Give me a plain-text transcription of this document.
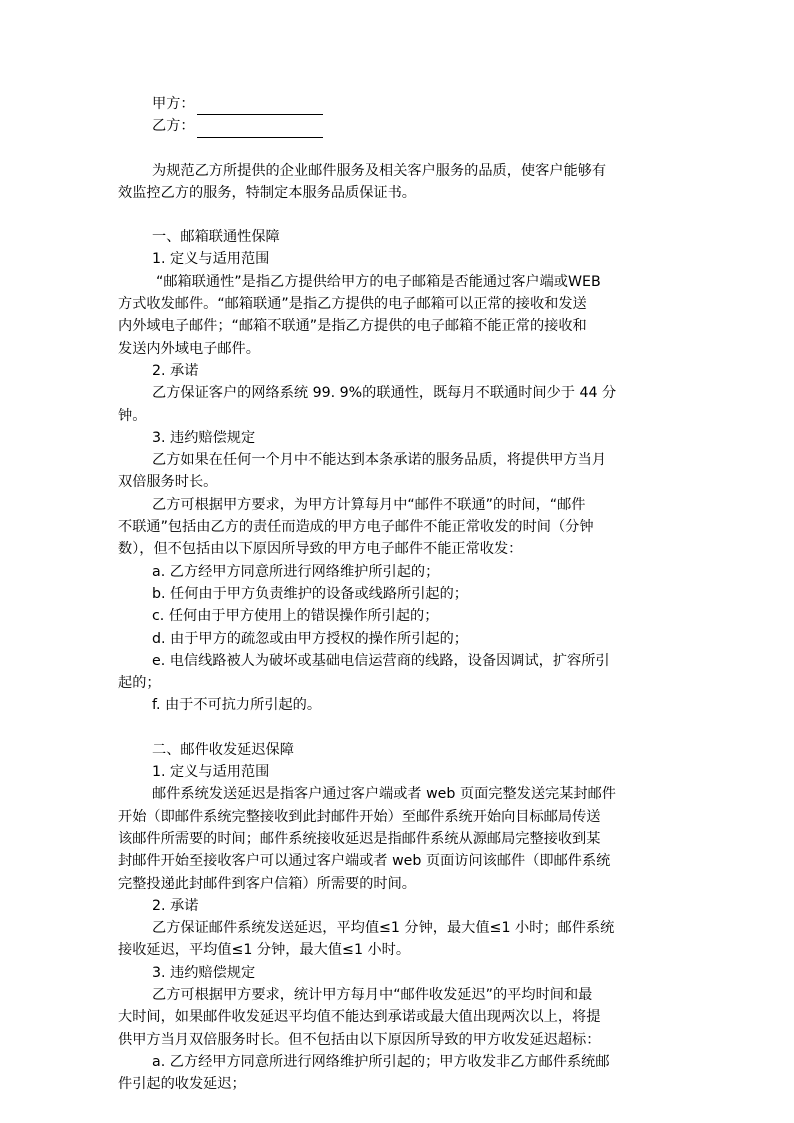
甲方：
乙方：
为规范乙方所提供的企业邮件服务及相关客户服务的品质，使客户能够有
效监控乙方的服务，特制定本服务品质保证书。
一、邮箱联通性保障
1. 定义与适用范围
“邮箱联通性”是指乙方提供给甲方的电子邮箱是否能通过客户端或WEB
方式收发邮件。“邮箱联通”是指乙方提供的电子邮箱可以正常的接收和发送
内外域电子邮件；“邮箱不联通”是指乙方提供的电子邮箱不能正常的接收和
发送内外域电子邮件。
2. 承诺
乙方保证客户的网络系统 99. 9%的联通性，既每月不联通时间少于 44 分
钟。
3. 违约赔偿规定
乙方如果在任何一个月中不能达到本条承诺的服务品质，将提供甲方当月
双倍服务时长。
乙方可根据甲方要求，为甲方计算每月中“邮件不联通”的时间，“邮件
不联通”包括由乙方的责任而造成的甲方电子邮件不能正常收发的时间（分钟
数），但不包括由以下原因所导致的甲方电子邮件不能正常收发：
a. 乙方经甲方同意所进行网络维护所引起的；
b. 任何由于甲方负责维护的设备或线路所引起的；
c. 任何由于甲方使用上的错误操作所引起的；
d. 由于甲方的疏忽或由甲方授权的操作所引起的；
e. 电信线路被人为破坏或基础电信运营商的线路，设备因调试，扩容所引
起的；
f. 由于不可抗力所引起的。
二、邮件收发延迟保障
1. 定义与适用范围
邮件系统发送延迟是指客户通过客户端或者 web 页面完整发送完某封邮件
开始（即邮件系统完整接收到此封邮件开始）至邮件系统开始向目标邮局传送
该邮件所需要的时间；邮件系统接收延迟是指邮件系统从源邮局完整接收到某
封邮件开始至接收客户可以通过客户端或者 web 页面访问该邮件（即邮件系统
完整投递此封邮件到客户信箱）所需要的时间。
2. 承诺
乙方保证邮件系统发送延迟，平均值≤1 分钟，最大值≤1 小时；邮件系统
接收延迟，平均值≤1 分钟，最大值≤1 小时。
3. 违约赔偿规定
乙方可根据甲方要求，统计甲方每月中“邮件收发延迟”的平均时间和最
大时间，如果邮件收发延迟平均值不能达到承诺或最大值出现两次以上，将提
供甲方当月双倍服务时长。但不包括由以下原因所导致的甲方收发延迟超标：
a. 乙方经甲方同意所进行网络维护所引起的；甲方收发非乙方邮件系统邮
件引起的收发延迟；
